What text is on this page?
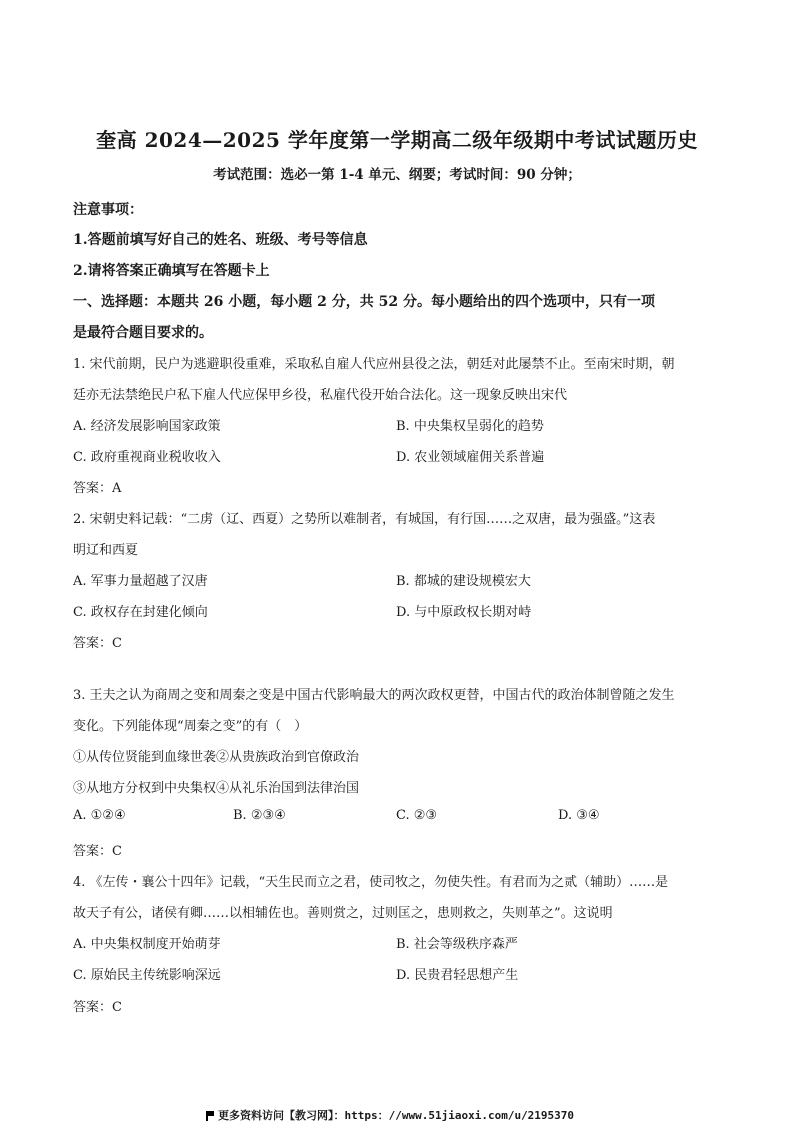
奎高 2024—2025 学年度第一学期高二级年级期中考试试题历史
考试范围：选必一第 1-4 单元、纲要；考试时间：90 分钟；
注意事项：
1.答题前填写好自己的姓名、班级、考号等信息
2.请将答案正确填写在答题卡上
一、选择题：本题共 26 小题，每小题 2 分，共 52 分。每小题给出的四个选项中，只有一项
是最符合题目要求的。
1. 宋代前期，民户为逃避职役重难，采取私自雇人代应州县役之法，朝廷对此屡禁不止。至南宋时期，朝
廷亦无法禁绝民户私下雇人代应保甲乡役，私雇代役开始合法化。这一现象反映出宋代
A. 经济发展影响国家政策	B. 中央集权呈弱化的趋势
C. 政府重视商业税收收入	D. 农业领域雇佣关系普遍
答案：A
2. 宋朝史料记载：“二虏（辽、西夏）之势所以难制者，有城国，有行国……之双唐，最为强盛。”这表
明辽和西夏
A. 军事力量超越了汉唐	B. 都城的建设规模宏大
C. 政权存在封建化倾向	D. 与中原政权长期对峙
答案：C
3. 王夫之认为商周之变和周秦之变是中国古代影响最大的两次政权更替，中国古代的政治体制曾随之发生
变化。下列能体现“周秦之变”的有（　）
①从传位贤能到血缘世袭②从贵族政治到官僚政治
③从地方分权到中央集权④从礼乐治国到法律治国
A. ①②④	B. ②③④	C. ②③	D. ③④
答案：C
4. 《左传・襄公十四年》记载，“天生民而立之君，使司牧之，勿使失性。有君而为之贰（辅助）……是
故天子有公，诸侯有卿……以相辅佐也。善则赏之，过则匡之，患则救之，失则革之”。这说明
A. 中央集权制度开始萌芽	B. 社会等级秩序森严
C. 原始民主传统影响深远	D. 民贵君轻思想产生
答案：C
更多资料访问【教习网】：https：//www.51jiaoxi.com/u/2195370
